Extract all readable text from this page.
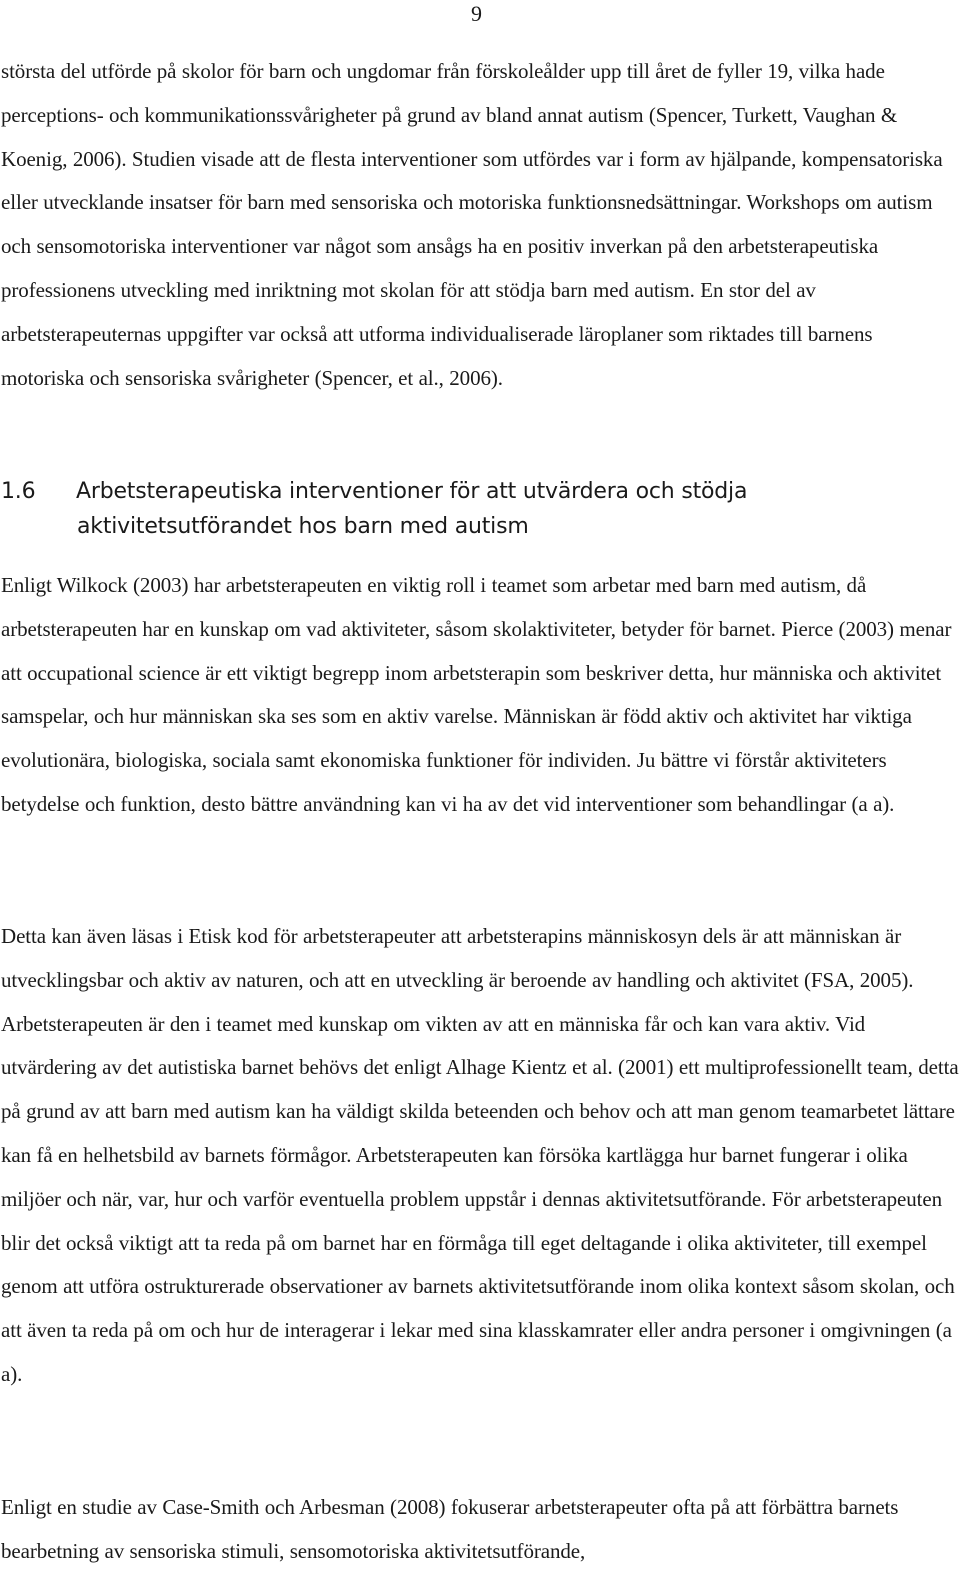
9

största del utförde på skolor för barn och ungdomar från förskoleålder upp till året de fyller 19, vilka hade perceptions- och kommunikationssvårigheter på grund av bland annat autism (Spencer, Turkett, Vaughan & Koenig, 2006). Studien visade att de flesta interventioner som utfördes var i form av hjälpande, kompensatoriska eller utvecklande insatser för barn med sensoriska och motoriska funktionsnedsättningar. Workshops om autism och sensomotoriska interventioner var något som ansågs ha en positiv inverkan på den arbetsterapeutiska professionens utveckling med inriktning mot skolan för att stödja barn med autism. En stor del av arbetsterapeuternas uppgifter var också att utforma individualiserade läroplaner som riktades till barnens motoriska och sensoriska svårigheter (Spencer, et al., 2006).

1.6 Arbetsterapeutiska interventioner för att utvärdera och stödja
aktivitetsutförandet hos barn med autism

Enligt Wilkock (2003) har arbetsterapeuten en viktig roll i teamet som arbetar med barn med autism, då arbetsterapeuten har en kunskap om vad aktiviteter, såsom skolaktiviteter, betyder för barnet. Pierce (2003) menar att occupational science är ett viktigt begrepp inom arbetsterapin som beskriver detta, hur människa och aktivitet samspelar, och hur människan ska ses som en aktiv varelse. Människan är född aktiv och aktivitet har viktiga evolutionära, biologiska, sociala samt ekonomiska funktioner för individen. Ju bättre vi förstår aktiviteters betydelse och funktion, desto bättre användning kan vi ha av det vid interventioner som behandlingar (a a).

Detta kan även läsas i Etisk kod för arbetsterapeuter att arbetsterapins människosyn dels är att människan är utvecklingsbar och aktiv av naturen, och att en utveckling är beroende av handling och aktivitet (FSA, 2005). Arbetsterapeuten är den i teamet med kunskap om vikten av att en människa får och kan vara aktiv. Vid utvärdering av det autistiska barnet behövs det enligt Alhage Kientz et al. (2001) ett multiprofessionellt team, detta på grund av att barn med autism kan ha väldigt skilda beteenden och behov och att man genom teamarbetet lättare kan få en helhetsbild av barnets förmågor. Arbetsterapeuten kan försöka kartlägga hur barnet fungerar i olika miljöer och när, var, hur och varför eventuella problem uppstår i dennas aktivitetsutförande. För arbetsterapeuten blir det också viktigt att ta reda på om barnet har en förmåga till eget deltagande i olika aktiviteter, till exempel genom att utföra ostrukturerade observationer av barnets aktivitetsutförande inom olika kontext såsom skolan, och att även ta reda på om och hur de interagerar i lekar med sina klasskamrater eller andra personer i omgivningen (a a).

Enligt en studie av Case-Smith och Arbesman (2008) fokuserar arbetsterapeuter ofta på att förbättra barnets bearbetning av sensoriska stimuli, sensomotoriska aktivitetsutförande,
